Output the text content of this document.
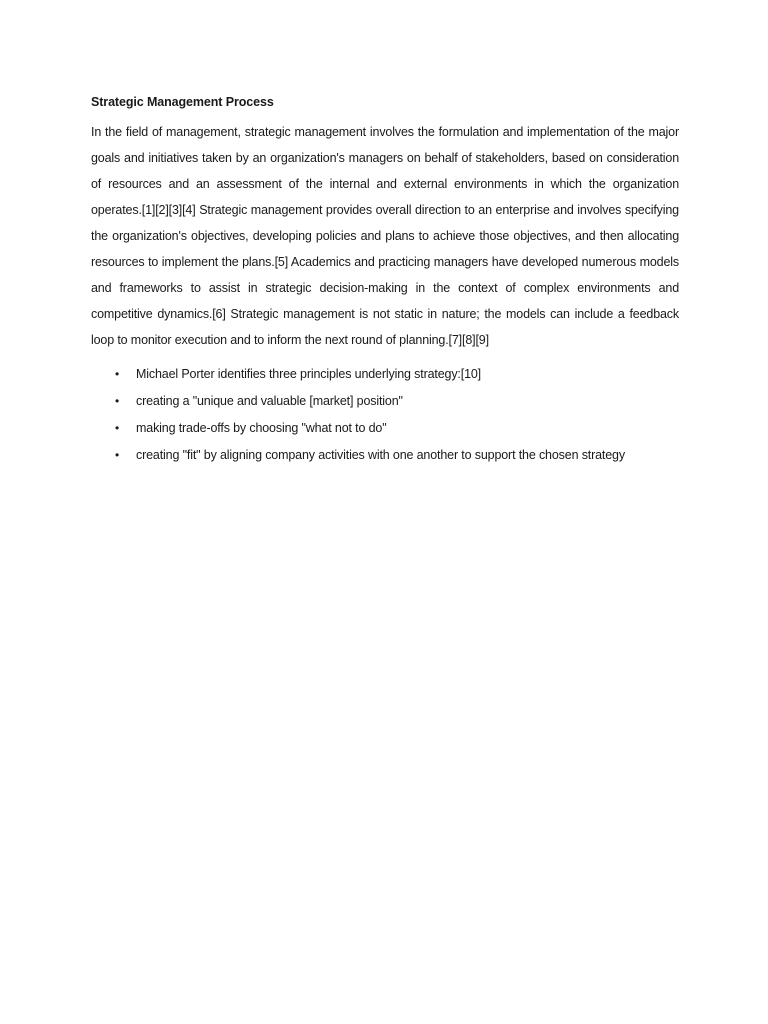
Strategic Management Process

In the field of management, strategic management involves the formulation and implementation of the major goals and initiatives taken by an organization's managers on behalf of stakeholders, based on consideration of resources and an assessment of the internal and external environments in which the organization operates.[1][2][3][4] Strategic management provides overall direction to an enterprise and involves specifying the organization's objectives, developing policies and plans to achieve those objectives, and then allocating resources to implement the plans.[5] Academics and practicing managers have developed numerous models and frameworks to assist in strategic decision-making in the context of complex environments and competitive dynamics.[6] Strategic management is not static in nature; the models can include a feedback loop to monitor execution and to inform the next round of planning.[7][8][9]

• Michael Porter identifies three principles underlying strategy:[10]
• creating a "unique and valuable [market] position"
• making trade-offs by choosing "what not to do"
• creating "fit" by aligning company activities with one another to support the chosen strategy
